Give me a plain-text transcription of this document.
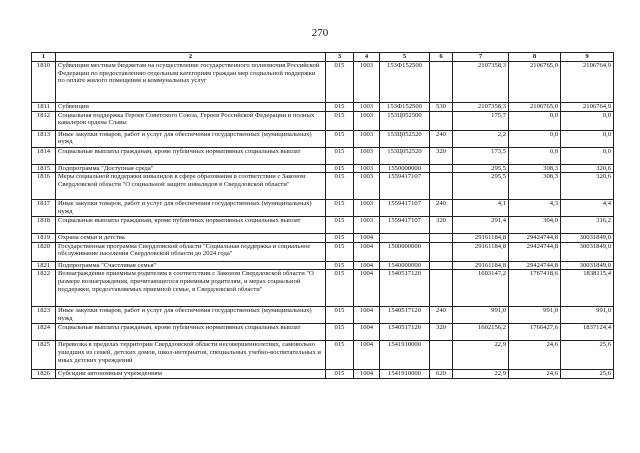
270
1	2	3	4	5	6	7	8	9
1810	Субвенции местным бюджетам на осуществление государственного полномочия Российской Федерации по предоставлению отдельным категориям граждан мер социальной поддержки по оплате жилого помещения и коммунальных услуг	015	1003	153Ф152500		2107358,3	2106765,0	2106764,9
1811	Субвенции	015	1003	153Ф152500	530	2107358,3	2106765,0	2106764,9
1812	Социальная поддержка Героев Советского Союза, Героев Российской Федерации и полных кавалеров ордена Славы	015	1003	153Ц052500		175,7	0,0	0,0
1813	Иные закупки товаров, работ и услуг для обеспечения государственных (муниципальных) нужд	015	1003	153Ц052520	240	2,2	0,0	0,0
1814	Социальные выплаты гражданам, кроме публичных нормативных социальных выплат	015	1003	153Ц052520	320	173,5	0,0	0,0
1815	Подпрограмма "Доступная среда"	015	1003	1550000000		295,5	308,3	320,6
1816	Меры социальной поддержки инвалидов в сфере образования в соответствии с Законом Свердловской области "О социальной защите инвалидов в Свердловской области"	015	1003	1559417107		295,5	308,3	320,6
1817	Иные закупки товаров, работ и услуг для обеспечения государственных (муниципальных) нужд	015	1003	1559417107	240	4,1	4,3	4,4
1818	Социальные выплаты гражданам, кроме публичных нормативных социальных выплат	015	1003	1559417107	320	291,4	304,0	316,2
1819	Охрана семьи и детства	015	1004			29161184,8	29424744,8	30031849,0
1820	Государственная программа Свердловской области "Социальная поддержка и социальное обслуживание населения Свердловской области до 2024 года"	015	1004	1500000000		29161184,8	29424744,8	30031849,0
1821	Подпрограмма "Счастливая семья"	015	1004	1540000000		29161184,8	29424744,8	30031849,0
1822	Вознаграждение приемным родителям в соответствии с Законом Свердловской области "О размере вознаграждения, причитающегося приемным родителям, и мерах социальной поддержки, предоставляемых приемной семье, в Свердловской области"	015	1004	1540517120		1603147,2	1767418,6	1838115,4
1823	Иные закупки товаров, работ и услуг для обеспечения государственных (муниципальных) нужд	015	1004	1540517120	240	991,0	991,0	991,0
1824	Социальные выплаты гражданам, кроме публичных нормативных социальных выплат	015	1004	1540517120	320	1602156,2	1766427,6	1837124,4
1825	Перевозка в пределах территории Свердловской области несовершеннолетних, самовольно ушедших из семей, детских домов, школ-интернатов, специальных учебно-воспитательных и иных детских учреждений	015	1004	1541910000		22,9	24,6	25,6
1826	Субсидии автономным учреждениям	015	1004	1541910000	620	22,9	24,6	25,6
